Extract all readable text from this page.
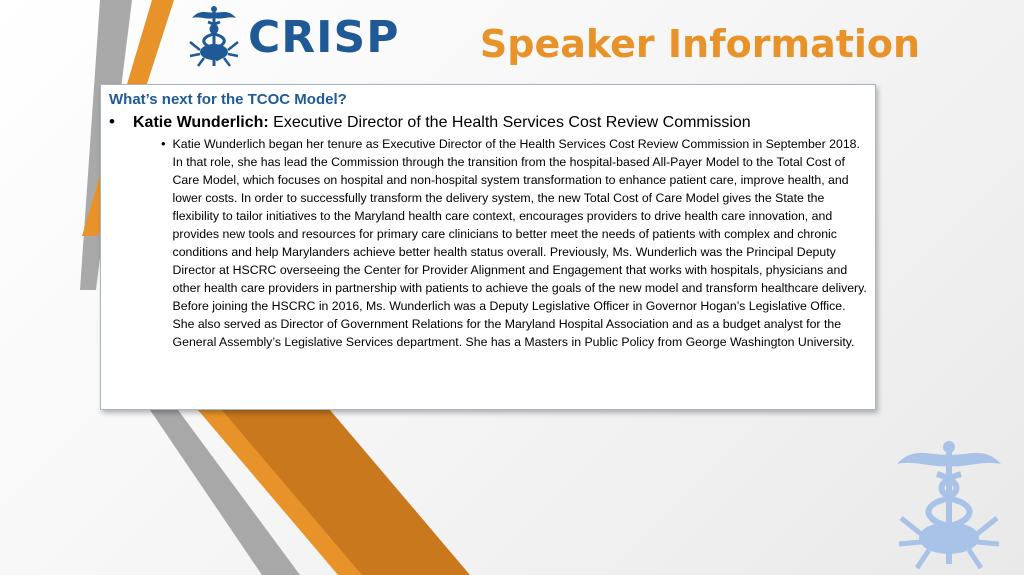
CRISP Speaker Information

What’s next for the TCOC Model?

•	Katie Wunderlich: Executive Director of the Health Services Cost Review Commission
• Katie Wunderlich began her tenure as Executive Director of the Health Services Cost Review Commission in September 2018. In that role, she has lead the Commission through the transition from the hospital-based All-Payer Model to the Total Cost of Care Model, which focuses on hospital and non-hospital system transformation to enhance patient care, improve health, and lower costs. In order to successfully transform the delivery system, the new Total Cost of Care Model gives the State the flexibility to tailor initiatives to the Maryland health care context, encourages providers to drive health care innovation, and provides new tools and resources for primary care clinicians to better meet the needs of patients with complex and chronic conditions and help Marylanders achieve better health status overall. Previously, Ms. Wunderlich was the Principal Deputy Director at HSCRC overseeing the Center for Provider Alignment and Engagement that works with hospitals, physicians and other health care providers in partnership with patients to achieve the goals of the new model and transform healthcare delivery. Before joining the HSCRC in 2016, Ms. Wunderlich was a Deputy Legislative Officer in Governor Hogan’s Legislative Office. She also served as Director of Government Relations for the Maryland Hospital Association and as a budget analyst for the General Assembly’s Legislative Services department. She has a Masters in Public Policy from George Washington University.
